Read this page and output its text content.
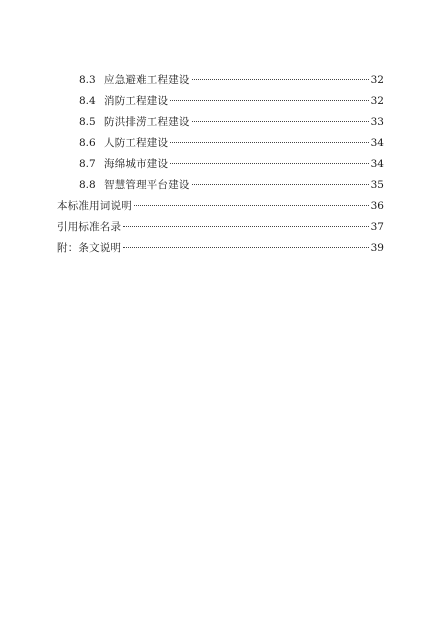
8.3 应急避难工程建设	32
8.4 消防工程建设	32
8.5 防洪排涝工程建设	33
8.6 人防工程建设	34
8.7 海绵城市建设	34
8.8 智慧管理平台建设	35
本标准用词说明	36
引用标准名录	37
附：条文说明	39
